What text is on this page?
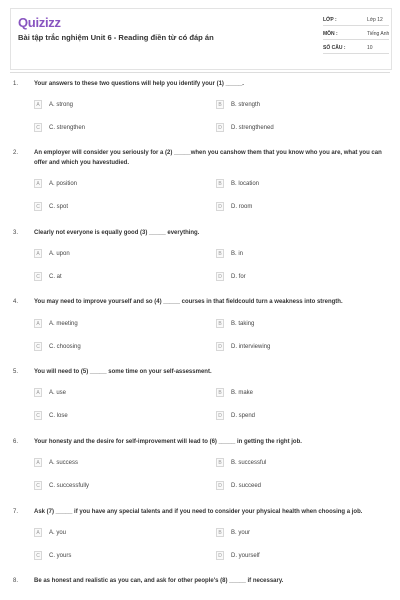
Quizizz
Bài tập trắc nghiệm Unit 6 - Reading điền từ có đáp án
LỚP :	Lớp 12
MÔN :	Tiếng Anh
SỐ CÂU :	10
1.	Your answers to these two questions will help you identify your (1) _____.
A	A. strong	B	B. strength
C	C. strengthen	D	D. strengthened
2.	An employer will consider you seriously for a (2) _____when you canshow them that you know who you are, what you can offer and which you havestudied.
A	A. position	B	B. location
C	C. spot	D	D. room
3.	Clearly not everyone is equally good (3) _____ everything.
A	A. upon	B	B. in
C	C. at	D	D. for
4.	You may need to improve yourself and so (4) _____ courses in that fieldcould turn a weakness into strength.
A	A. meeting	B	B. taking
C	C. choosing	D	D. interviewing
5.	You will need to (5) _____ some time on your self-assessment.
A	A. use	B	B. make
C	C. lose	D	D. spend
6.	Your honesty and the desire for self-improvement will lead to (6) _____ in getting the right job.
A	A. success	B	B. successful
C	C. successfully	D	D. succeed
7.	Ask (7) _____ if you have any special talents and if you need to consider your physical health when choosing a job.
A	A. you	B	B. your
C	C. yours	D	D. yourself
8.	Be as honest and realistic as you can, and ask for other people's (8) _____ if necessary.
